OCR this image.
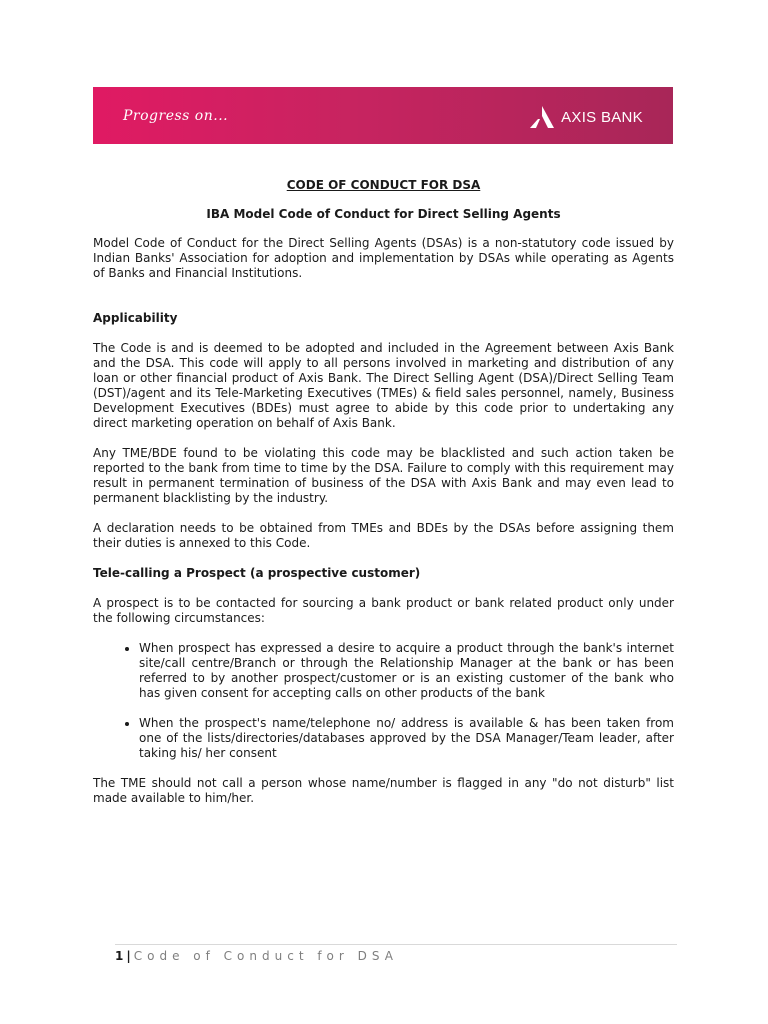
Progress on...	AXIS BANK
CODE OF CONDUCT FOR DSA
IBA Model Code of Conduct for Direct Selling Agents

Model Code of Conduct for the Direct Selling Agents (DSAs) is a non-statutory code issued by Indian Banks' Association for adoption and implementation by DSAs while operating as Agents of Banks and Financial Institutions.

Applicability

The Code is and is deemed to be adopted and included in the Agreement between Axis Bank and the DSA. This code will apply to all persons involved in marketing and distribution of any loan or other financial product of Axis Bank. The Direct Selling Agent (DSA)/Direct Selling Team (DST)/agent and its Tele-Marketing Executives (TMEs) & field sales personnel, namely, Business Development Executives (BDEs) must agree to abide by this code prior to undertaking any direct marketing operation on behalf of Axis Bank.

Any TME/BDE found to be violating this code may be blacklisted and such action taken be reported to the bank from time to time by the DSA. Failure to comply with this requirement may result in permanent termination of business of the DSA with Axis Bank and may even lead to permanent blacklisting by the industry.

A declaration needs to be obtained from TMEs and BDEs by the DSAs before assigning them their duties is annexed to this Code.

Tele-calling a Prospect (a prospective customer)

A prospect is to be contacted for sourcing a bank product or bank related product only under the following circumstances:

• When prospect has expressed a desire to acquire a product through the bank's internet site/call centre/Branch or through the Relationship Manager at the bank or has been referred to by another prospect/customer or is an existing customer of the bank who has given consent for accepting calls on other products of the bank
• When the prospect's name/telephone no/ address is available & has been taken from one of the lists/directories/databases approved by the DSA Manager/Team leader, after taking his/ her consent

The TME should not call a person whose name/number is flagged in any "do not disturb" list made available to him/her.

1 | Code of Conduct for DSA
